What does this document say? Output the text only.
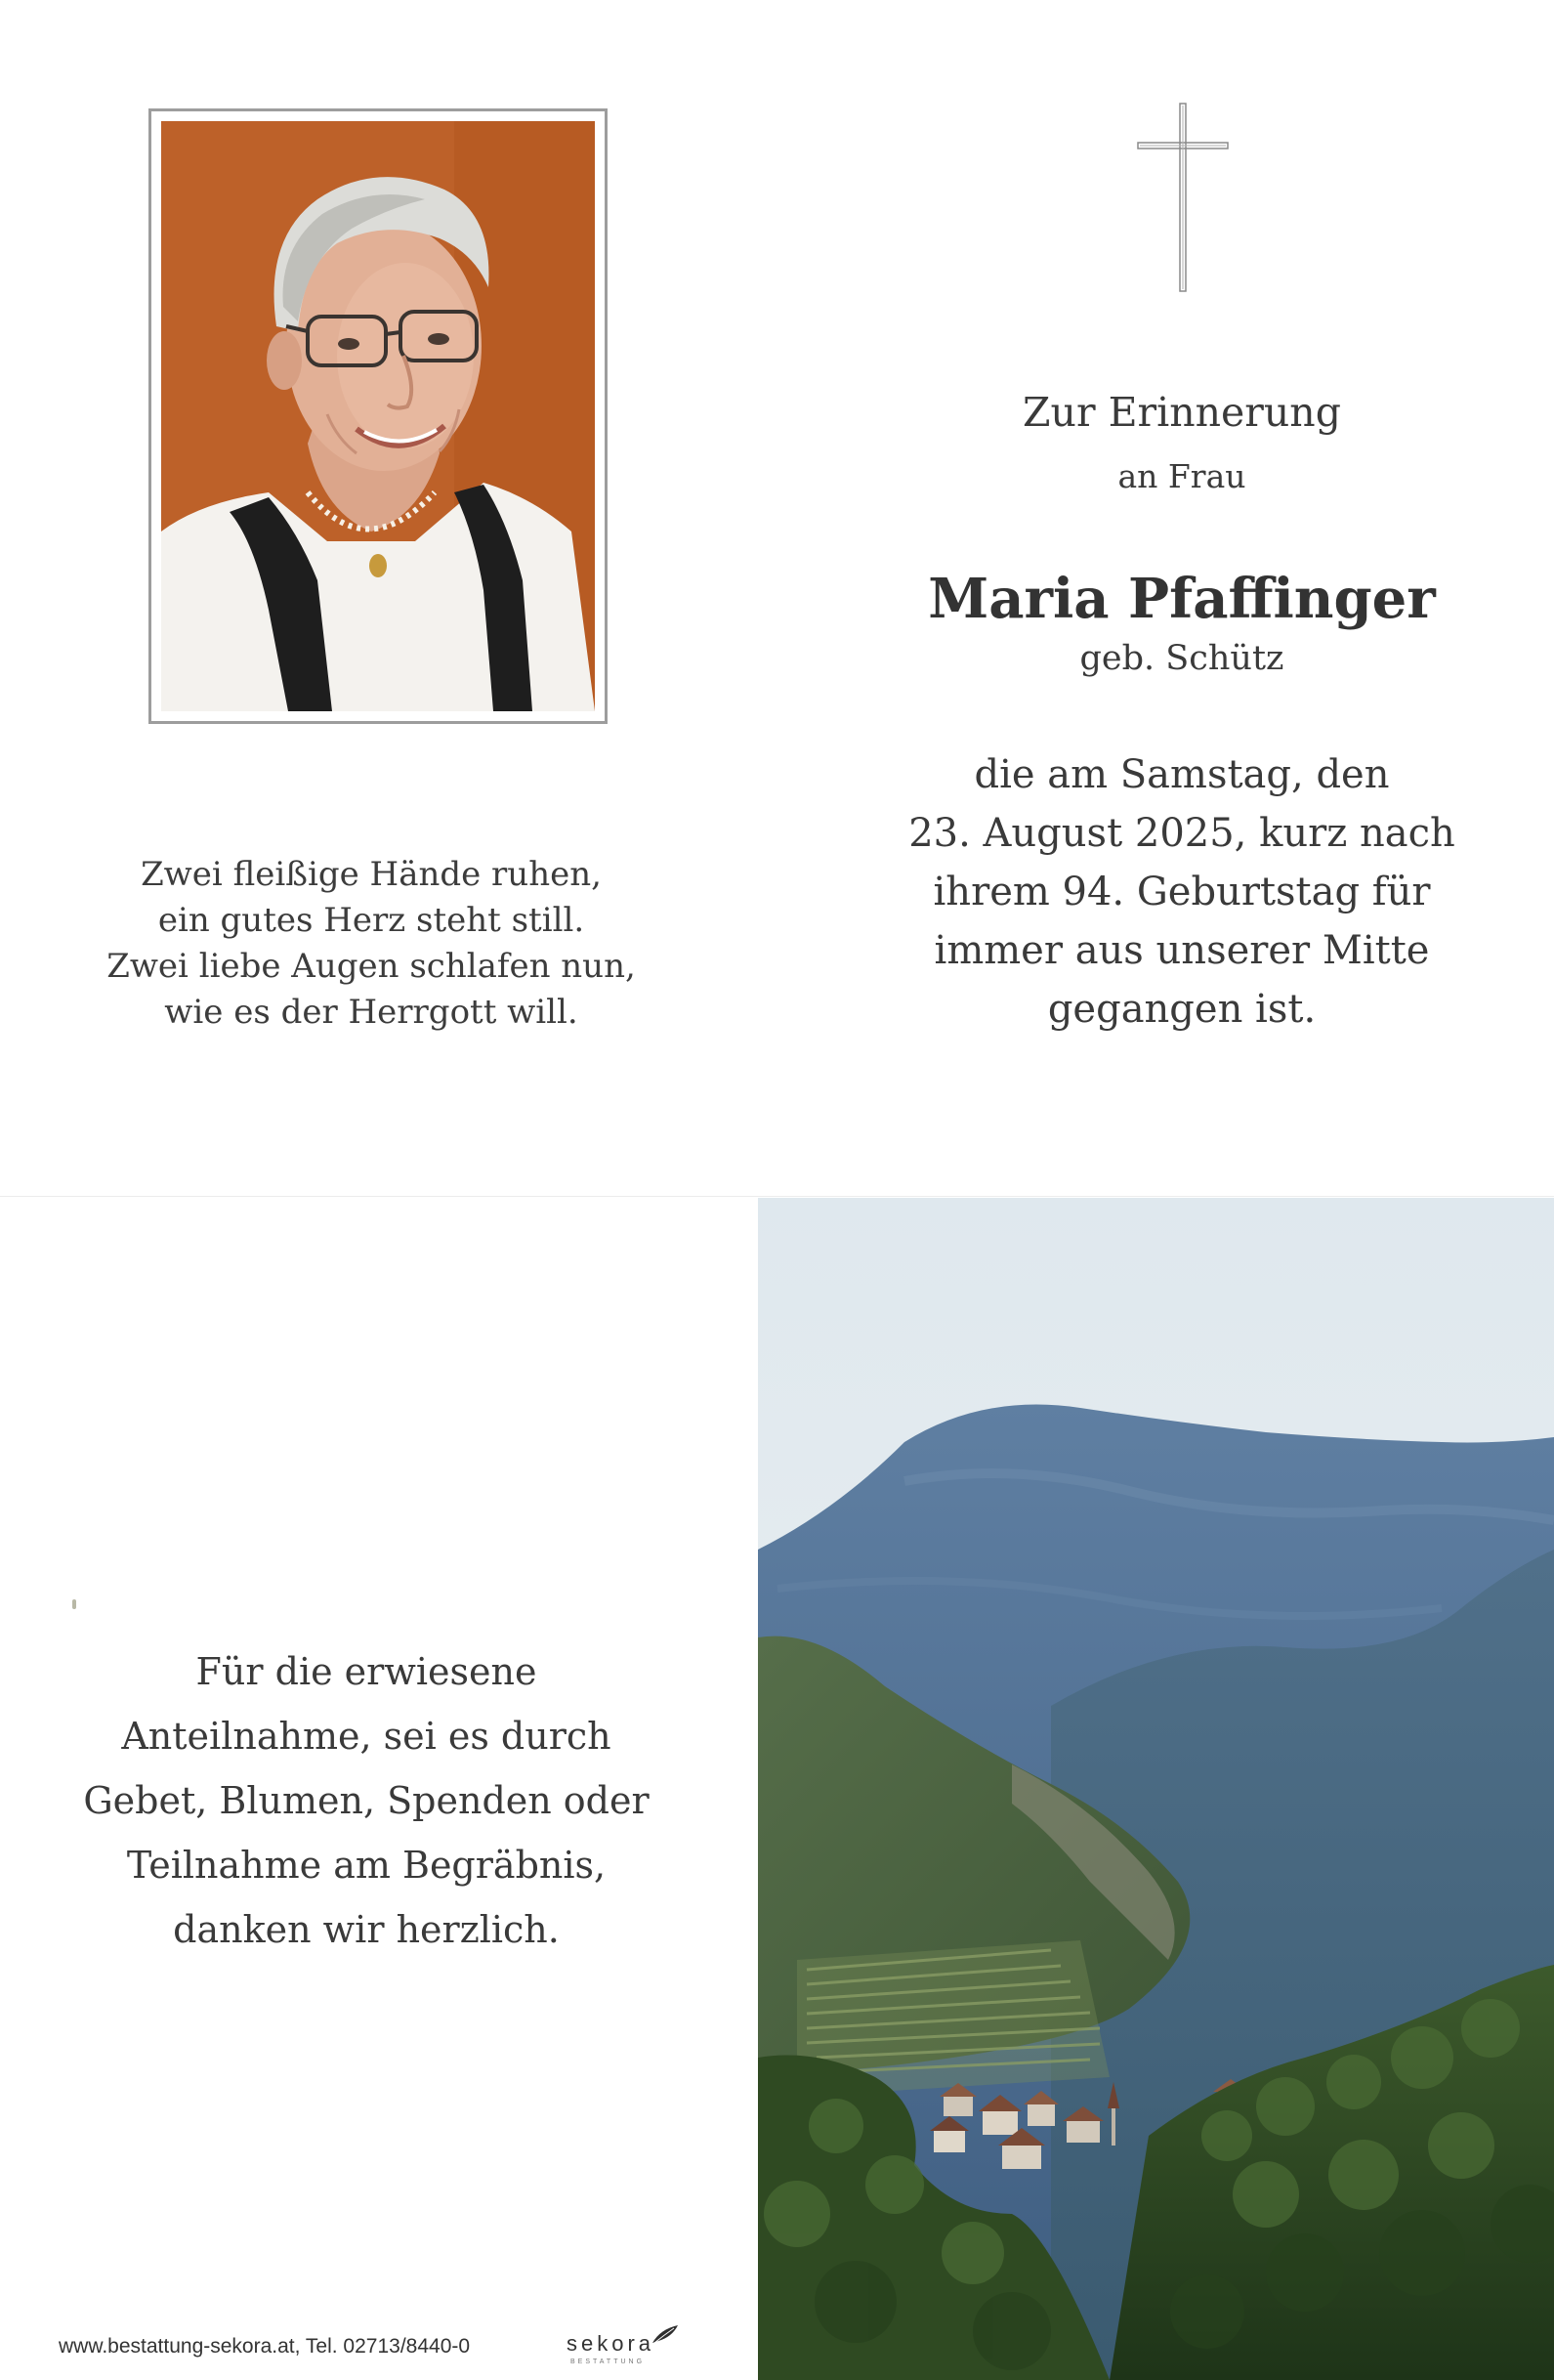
Zwei fleißige Hände ruhen,
ein gutes Herz steht still.
Zwei liebe Augen schlafen nun,
wie es der Herrgott will.
Zur Erinnerung
an Frau
Maria Pfaffinger
geb. Schütz
die am Samstag, den
23. August 2025, kurz nach
ihrem 94. Geburtstag für
immer aus unserer Mitte
gegangen ist.
Für die erwiesene
Anteilnahme, sei es durch
Gebet, Blumen, Spenden oder
Teilnahme am Begräbnis,
danken wir herzlich.
www.bestattung-sekora.at, Tel. 02713/8440-0	sekora
BESTATTUNG
